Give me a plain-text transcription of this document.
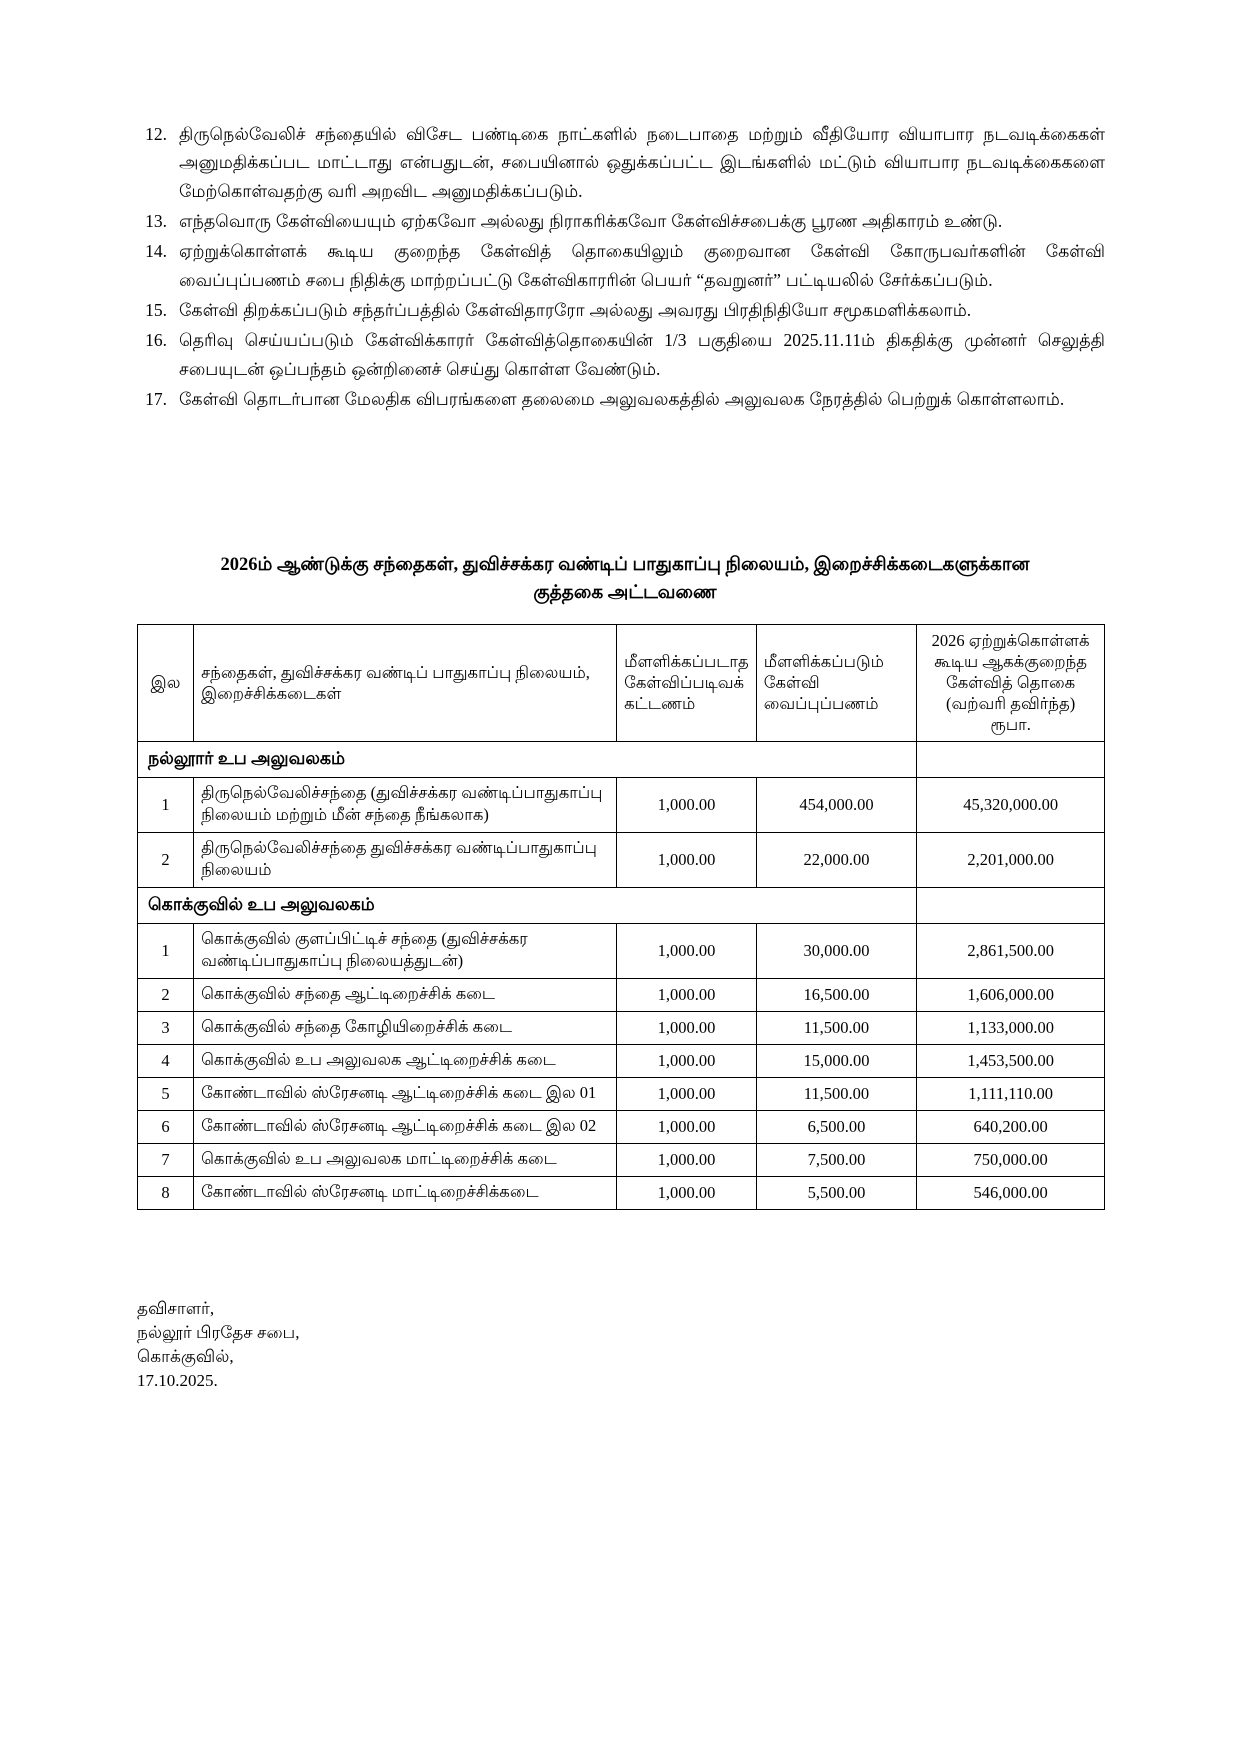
12. திருநெல்வேலிச் சந்தையில் விசேட பண்டிகை நாட்களில் நடைபாதை மற்றும் வீதியோர வியாபார நடவடிக்கைகள் அனுமதிக்கப்பட மாட்டாது என்பதுடன், சபையினால் ஒதுக்கப்பட்ட இடங்களில் மட்டும் வியாபார நடவடிக்கைகளை மேற்கொள்வதற்கு வரி அறவிட அனுமதிக்கப்படும்.
13. எந்தவொரு கேள்வியையும் ஏற்கவோ அல்லது நிராகரிக்கவோ கேள்விச்சபைக்கு பூரண அதிகாரம் உண்டு.
14. ஏற்றுக்கொள்ளக் கூடிய குறைந்த கேள்வித் தொகையிலும் குறைவான கேள்வி கோருபவர்களின் கேள்வி வைப்புப்பணம் சபை நிதிக்கு மாற்றப்பட்டு கேள்விகாரரின் பெயர் “தவறுனர்” பட்டியலில் சேர்க்கப்படும்.
15. கேள்வி திறக்கப்படும் சந்தர்ப்பத்தில் கேள்விதாரரோ அல்லது அவரது பிரதிநிதியோ சமூகமளிக்கலாம்.
16. தெரிவு செய்யப்படும் கேள்விக்காரர் கேள்வித்தொகையின் 1/3 பகுதியை 2025.11.11ம் திகதிக்கு முன்னர் செலுத்தி சபையுடன் ஒப்பந்தம் ஒன்றினைச் செய்து கொள்ள வேண்டும்.
17. கேள்வி தொடர்பான மேலதிக விபரங்களை தலைமை அலுவலகத்தில் அலுவலக நேரத்தில் பெற்றுக் கொள்ளலாம்.
2026ம் ஆண்டுக்கு சந்தைகள், துவிச்சக்கர வண்டிப் பாதுகாப்பு நிலையம், இறைச்சிக்கடைகளுக்கான
குத்தகை அட்டவணை
இல	சந்தைகள், துவிச்சக்கர வண்டிப் பாதுகாப்பு நிலையம், இறைச்சிக்கடைகள்	மீளளிக்கப்படாத கேள்விப்படிவக் கட்டணம்	மீளளிக்கப்படும் கேள்வி வைப்புப்பணம்	2026 ஏற்றுக்கொள்ளக் கூடிய ஆகக்குறைந்த கேள்வித் தொகை (வற்வரி தவிர்ந்த) ரூபா.
நல்லூார் உப அலுவலகம்				
1	திருநெல்வேலிச்சந்தை (துவிச்சக்கர வண்டிப்பாதுகாப்பு நிலையம் மற்றும் மீன் சந்தை நீங்கலாக)	1,000.00	454,000.00	45,320,000.00
2	திருநெல்வேலிச்சந்தை துவிச்சக்கர வண்டிப்பாதுகாப்பு நிலையம்	1,000.00	22,000.00	2,201,000.00
கொக்குவில் உப அலுவலகம்				
1	கொக்குவில் குளப்பிட்டிச் சந்தை (துவிச்சக்கர வண்டிப்பாதுகாப்பு நிலையத்துடன்)	1,000.00	30,000.00	2,861,500.00
2	கொக்குவில் சந்தை ஆட்டிறைச்சிக் கடை	1,000.00	16,500.00	1,606,000.00
3	கொக்குவில் சந்தை கோழியிறைச்சிக் கடை	1,000.00	11,500.00	1,133,000.00
4	கொக்குவில் உப அலுவலக ஆட்டிறைச்சிக் கடை	1,000.00	15,000.00	1,453,500.00
5	கோண்டாவில் ஸ்ரேசனடி ஆட்டிறைச்சிக் கடை இல 01	1,000.00	11,500.00	1,111,110.00
6	கோண்டாவில் ஸ்ரேசனடி ஆட்டிறைச்சிக் கடை இல 02	1,000.00	6,500.00	640,200.00
7	கொக்குவில் உப அலுவலக மாட்டிறைச்சிக் கடை	1,000.00	7,500.00	750,000.00
8	கோண்டாவில் ஸ்ரேசனடி மாட்டிறைச்சிக்கடை	1,000.00	5,500.00	546,000.00
தவிசாளர்,
நல்லூர் பிரதேச சபை,
கொக்குவில்,
17.10.2025.
